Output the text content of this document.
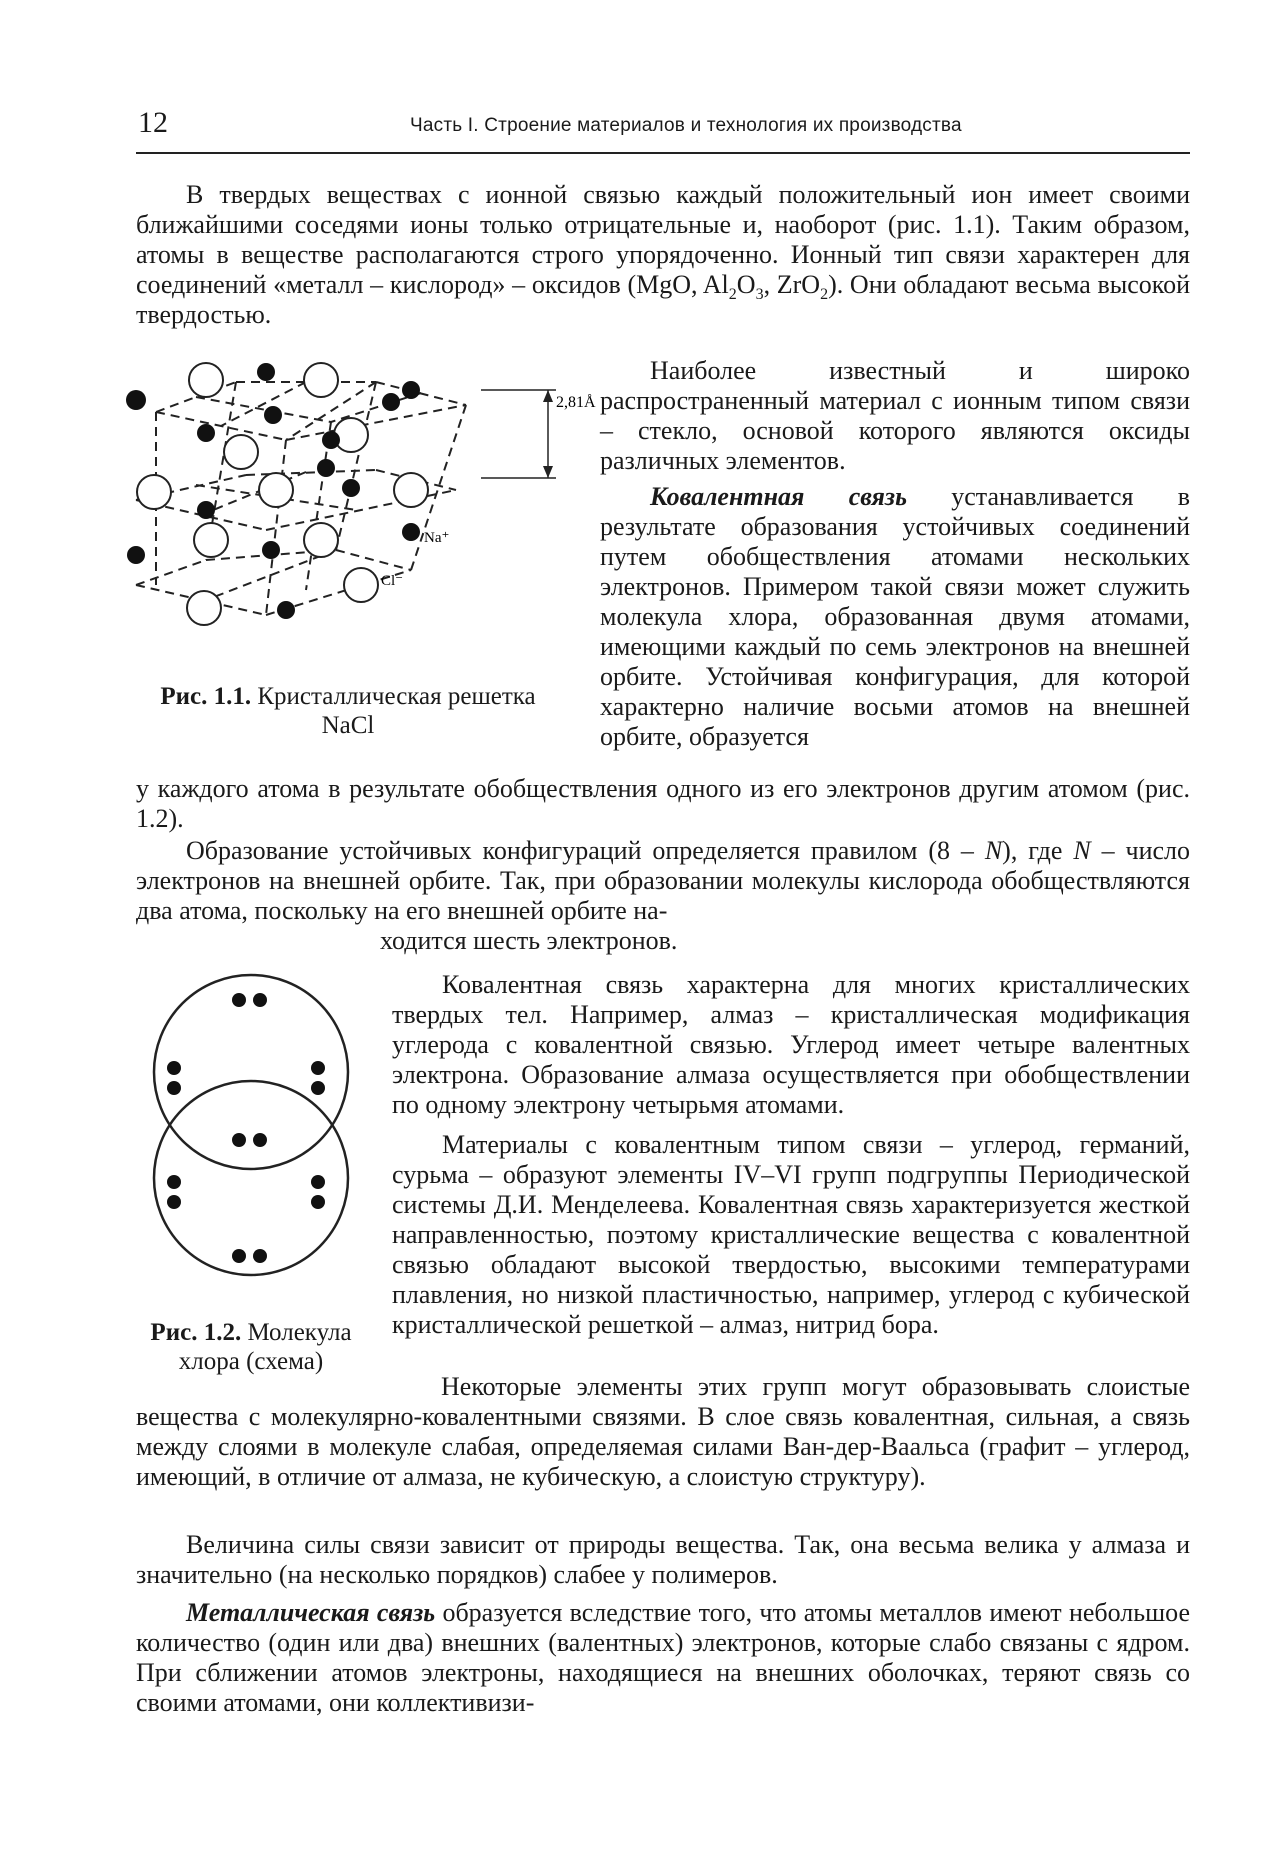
12	Часть I. Строение материалов и технология их производства

В твердых веществах с ионной связью каждый положительный ион имеет своими ближайшими соседями ионы только отрицательные и, наоборот (рис. 1.1). Таким образом, атомы в веществе располагаются строго упорядоченно. Ионный тип связи характерен для соединений «металл – кислород» – оксидов (MgO, $Al_2O_3$, ZrO$_2$). Они обладают весьма высокой твердостью.

2,81Å
Na⁺
Cl⁻
Рис. 1.1. Кристаллическая решетка NaCl

Наиболее известный и широко распространенный материал с ионным типом связи – стекло, основой которого являются оксиды различных элементов.

Ковалентная связь устанавливается в результате образования устойчивых соединений путем обобществления атомами нескольких электронов. Примером такой связи может служить молекула хлора, образованная двумя атомами, имеющими каждый по семь электронов на внешней орбите. Устойчивая конфигурация, для которой характерно наличие восьми атомов на внешней орбите, образуется

у каждого атома в результате обобществления одного из его электронов другим атомом (рис. 1.2).

Образование устойчивых конфигураций определяется правилом (8 – N), где N – число электронов на внешней орбите. Так, при образовании молекулы кислорода обобществляются два атома, поскольку на его внешней орбите на-

ходится шесть электронов.

Рис. 1.2. Молекула хлора (схема)

Ковалентная связь характерна для многих кристаллических твердых тел. Например, алмаз – кристаллическая модификация углерода с ковалентной связью. Углерод имеет четыре валентных электрона. Образование алмаза осуществляется при обобществлении по одному электрону четырьмя атомами.

Материалы с ковалентным типом связи – углерод, германий, сурьма – образуют элементы IV–VI групп подгруппы Периодической системы Д.И. Менделеева. Ковалентная связь характеризуется жесткой направленностью, поэтому кристаллические вещества с ковалентной связью обладают высокой твердостью, высокими температурами плавления, но низкой пластичностью, например, углерод с кубической кристаллической решеткой – алмаз, нитрид бора.

Некоторые элементы этих групп могут образовывать слоистые вещества с молекулярно-ковалентными связями. В слое связь ковалентная, сильная, а связь между слоями в молекуле слабая, определяемая силами Ван-дер-Ваальса (графит – углерод, имеющий, в отличие от алмаза, не кубическую, а слоистую структуру).

Величина силы связи зависит от природы вещества. Так, она весьма велика у алмаза и значительно (на несколько порядков) слабее у полимеров.

Металлическая связь образуется вследствие того, что атомы металлов имеют небольшое количество (один или два) внешних (валентных) электронов, которые слабо связаны с ядром. При сближении атомов электроны, находящиеся на внешних оболочках, теряют связь со своими атомами, они коллективизи-
